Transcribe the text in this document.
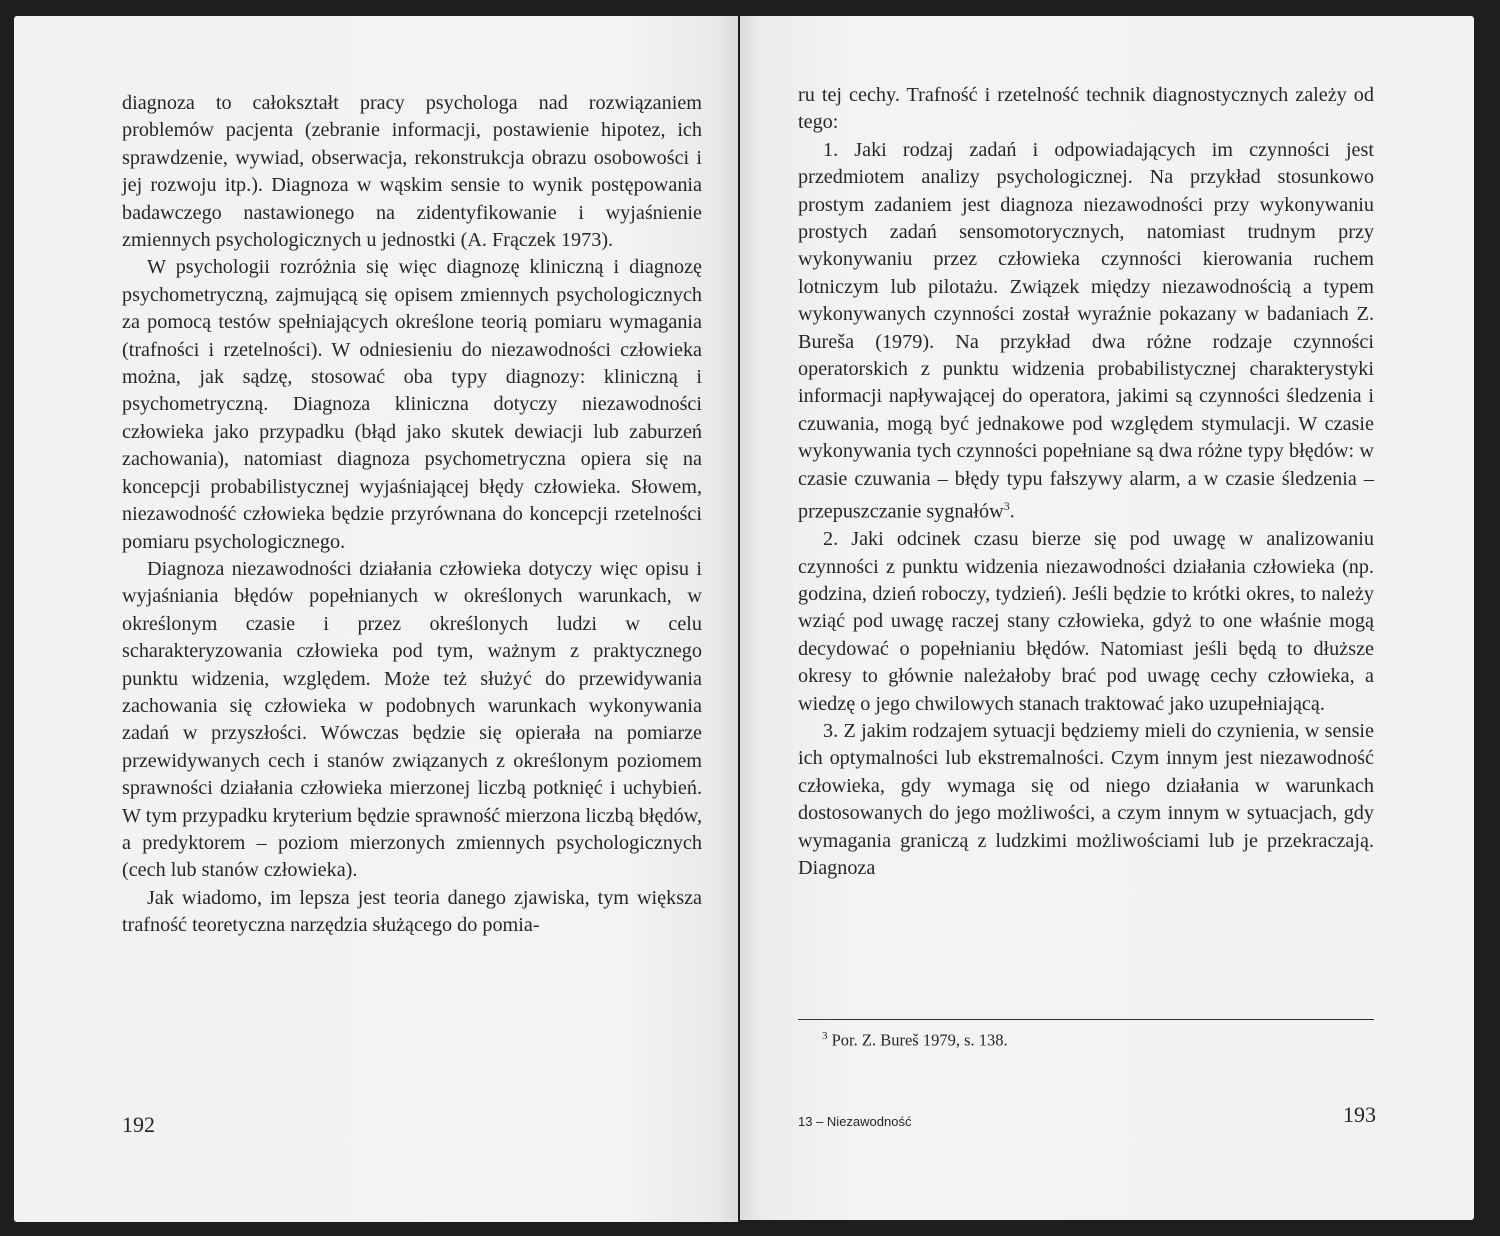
diagnoza to całokształt pracy psychologa nad rozwiązaniem problemów pacjenta (zebranie informacji, postawienie hipotez, ich sprawdzenie, wywiad, obserwacja, rekonstrukcja obrazu osobowości i jej rozwoju itp.). Diagnoza w wąskim sensie to wynik postępowania badawczego nastawionego na zidentyfikowanie i wyjaśnienie zmiennych psychologicznych u jednostki (A. Frączek 1973).

W psychologii rozróżnia się więc diagnozę kliniczną i diagnozę psychometryczną, zajmującą się opisem zmiennych psychologicznych za pomocą testów spełniających określone teorią pomiaru wymagania (trafności i rzetelności). W odniesieniu do niezawodności człowieka można, jak sądzę, stosować oba typy diagnozy: kliniczną i psychometryczną. Diagnoza kliniczna dotyczy niezawodności człowieka jako przypadku (błąd jako skutek dewiacji lub zaburzeń zachowania), natomiast diagnoza psychometryczna opiera się na koncepcji probabilistycznej wyjaśniającej błędy człowieka. Słowem, niezawodność człowieka będzie przyrównana do koncepcji rzetelności pomiaru psychologicznego.

Diagnoza niezawodności działania człowieka dotyczy więc opisu i wyjaśniania błędów popełnianych w określonych warunkach, w określonym czasie i przez określonych ludzi w celu scharakteryzowania człowieka pod tym, ważnym z praktycznego punktu widzenia, względem. Może też służyć do przewidywania zachowania się człowieka w podobnych warunkach wykonywania zadań w przyszłości. Wówczas będzie się opierała na pomiarze przewidywanych cech i stanów związanych z określonym poziomem sprawności działania człowieka mierzonej liczbą potknięć i uchybień. W tym przypadku kryterium będzie sprawność mierzona liczbą błędów, a predyktorem – poziom mierzonych zmiennych psychologicznych (cech lub stanów człowieka).

Jak wiadomo, im lepsza jest teoria danego zjawiska, tym większa trafność teoretyczna narzędzia służącego do pomia-

192

ru tej cechy. Trafność i rzetelność technik diagnostycznych zależy od tego:

1. Jaki rodzaj zadań i odpowiadających im czynności jest przedmiotem analizy psychologicznej. Na przykład stosunkowo prostym zadaniem jest diagnoza niezawodności przy wykonywaniu prostych zadań sensomotorycznych, natomiast trudnym przy wykonywaniu przez człowieka czynności kierowania ruchem lotniczym lub pilotażu. Związek między niezawodnością a typem wykonywanych czynności został wyraźnie pokazany w badaniach Z. Bureša (1979). Na przykład dwa różne rodzaje czynności operatorskich z punktu widzenia probabilistycznej charakterystyki informacji napływającej do operatora, jakimi są czynności śledzenia i czuwania, mogą być jednakowe pod względem stymulacji. W czasie wykonywania tych czynności popełniane są dwa różne typy błędów: w czasie czuwania – błędy typu fałszywy alarm, a w czasie śledzenia – przepuszczanie sygnałów$^3$.

2. Jaki odcinek czasu bierze się pod uwagę w analizowaniu czynności z punktu widzenia niezawodności działania człowieka (np. godzina, dzień roboczy, tydzień). Jeśli będzie to krótki okres, to należy wziąć pod uwagę raczej stany człowieka, gdyż to one właśnie mogą decydować o popełnianiu błędów. Natomiast jeśli będą to dłuższe okresy to głównie należałoby brać pod uwagę cechy człowieka, a wiedzę o jego chwilowych stanach traktować jako uzupełniającą.

3. Z jakim rodzajem sytuacji będziemy mieli do czynienia, w sensie ich optymalności lub ekstremalności. Czym innym jest niezawodność człowieka, gdy wymaga się od niego działania w warunkach dostosowanych do jego możliwości, a czym innym w sytuacjach, gdy wymagania graniczą z ludzkimi możliwościami lub je przekraczają. Diagnoza

$^3$ Por. Z. Bureš 1979, s. 138.
13 – Niezawodność	193
